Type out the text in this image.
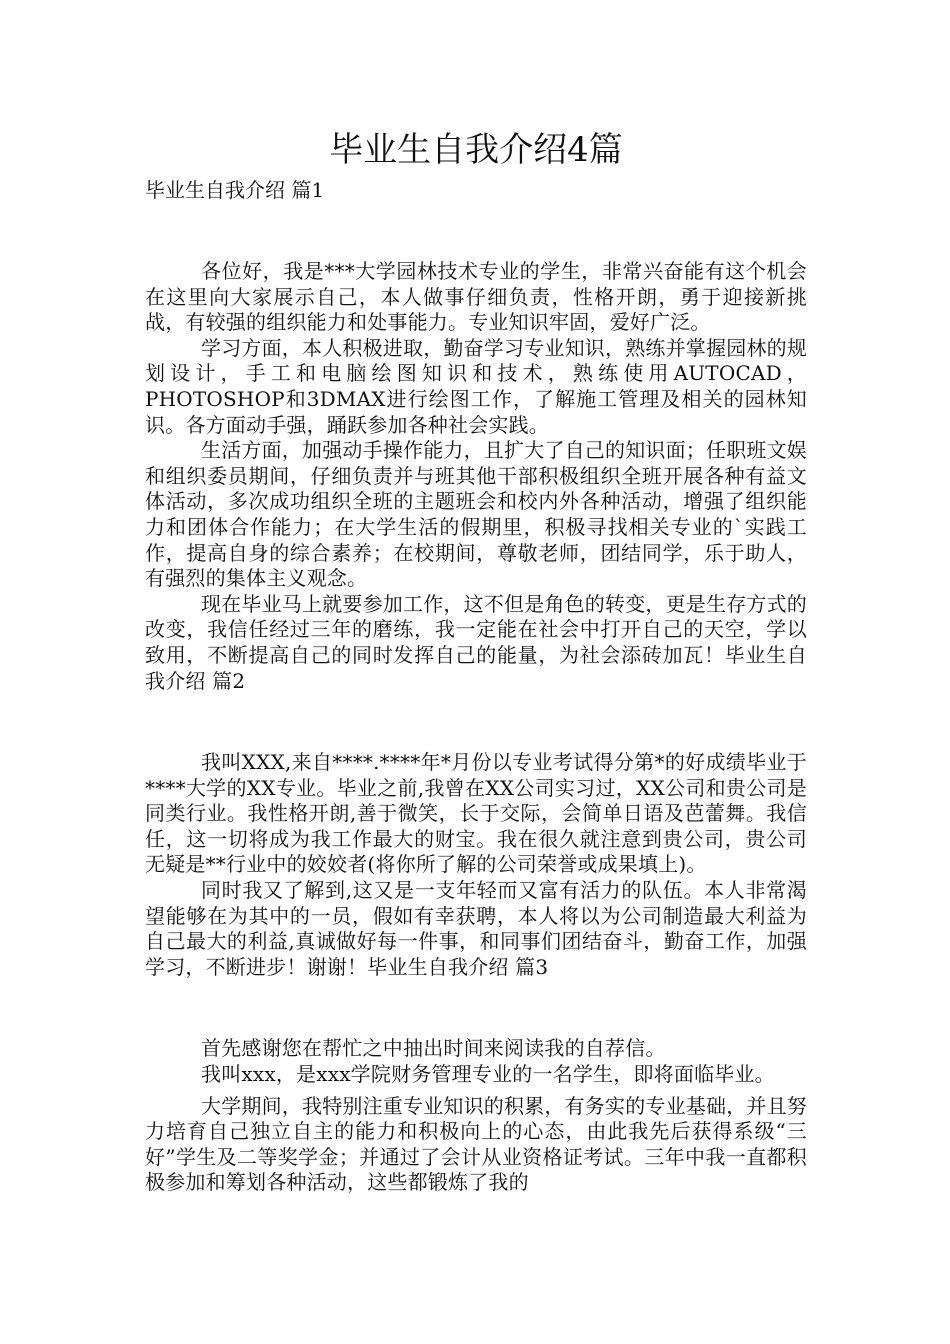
毕业生自我介绍4篇

毕业生自我介绍 篇1

各位好，我是***大学园林技术专业的学生，非常兴奋能有这个机会在这里向大家展示自己，本人做事仔细负责，性格开朗，勇于迎接新挑战，有较强的组织能力和处事能力。专业知识牢固，爱好广泛。

学习方面，本人积极进取，勤奋学习专业知识，熟练并掌握园林的规划设计，手工和电脑绘图知识和技术，熟练使用AUTOCAD，PHOTOSHOP和3DMAX进行绘图工作，了解施工管理及相关的园林知识。各方面动手强，踊跃参加各种社会实践。

生活方面，加强动手操作能力，且扩大了自己的知识面；任职班文娱和组织委员期间，仔细负责并与班其他干部积极组织全班开展各种有益文体活动，多次成功组织全班的主题班会和校内外各种活动，增强了组织能力和团体合作能力；在大学生活的假期里，积极寻找相关专业的`实践工作，提高自身的综合素养；在校期间，尊敬老师，团结同学，乐于助人，有强烈的集体主义观念。

现在毕业马上就要参加工作，这不但是角色的转变，更是生存方式的改变，我信任经过三年的磨练，我一定能在社会中打开自己的天空，学以致用，不断提高自己的同时发挥自己的能量，为社会添砖加瓦！毕业生自我介绍 篇2

我叫XXX,来自****.****年*月份以专业考试得分第*的好成绩毕业于****大学的XX专业。毕业之前,我曾在XX公司实习过，XX公司和贵公司是同类行业。我性格开朗,善于微笑，长于交际，会简单日语及芭蕾舞。我信任，这一切将成为我工作最大的财宝。我在很久就注意到贵公司，贵公司无疑是**行业中的姣姣者(将你所了解的公司荣誉或成果填上)。

同时我又了解到,这又是一支年轻而又富有活力的队伍。本人非常渴望能够在为其中的一员，假如有幸获聘，本人将以为公司制造最大利益为自己最大的利益,真诚做好每一件事，和同事们团结奋斗，勤奋工作，加强学习，不断进步！谢谢！毕业生自我介绍 篇3

首先感谢您在帮忙之中抽出时间来阅读我的自荐信。

我叫xxx，是xxx学院财务管理专业的一名学生，即将面临毕业。

大学期间，我特别注重专业知识的积累，有务实的专业基础，并且努力培育自己独立自主的能力和积极向上的心态，由此我先后获得系级“三好”学生及二等奖学金；并通过了会计从业资格证考试。三年中我一直都积极参加和筹划各种活动，这些都锻炼了我的
